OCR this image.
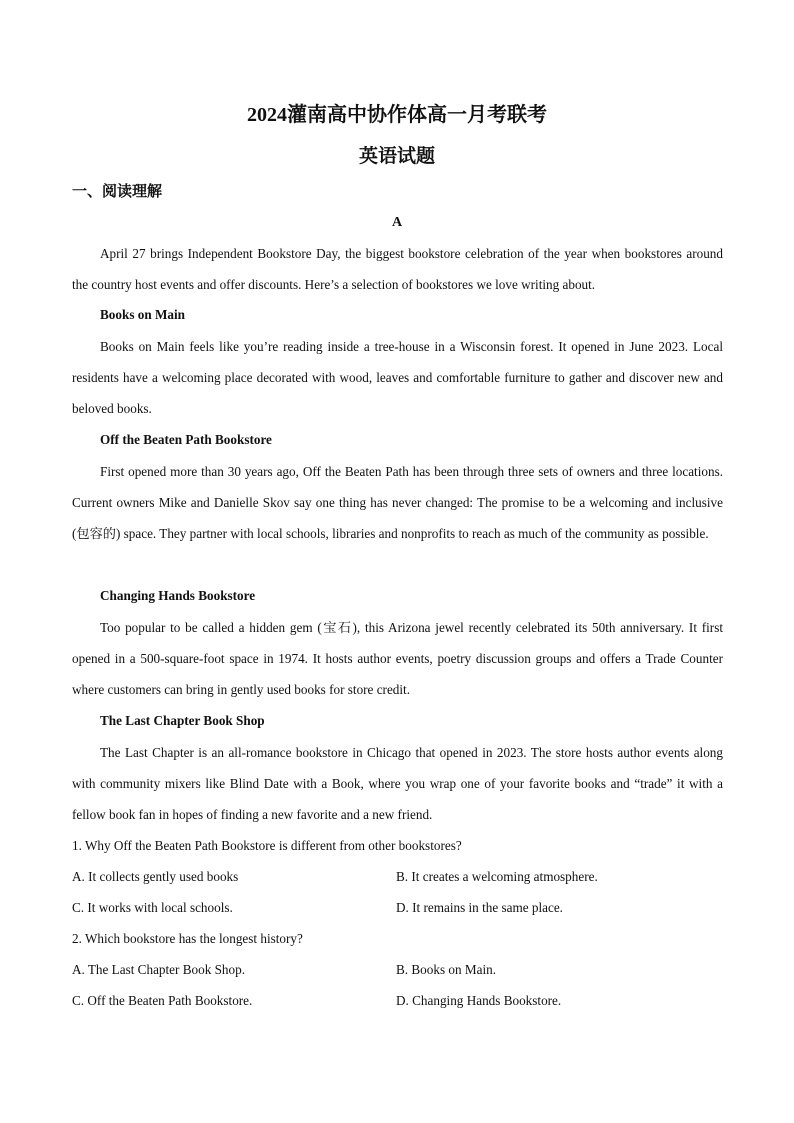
2024灌南高中协作体高一月考联考
英语试题
一、阅读理解
A
April 27 brings Independent Bookstore Day, the biggest bookstore celebration of the year when bookstores around the country host events and offer discounts. Here’s a selection of bookstores we love writing about.
Books on Main
Books on Main feels like you’re reading inside a tree-house in a Wisconsin forest. It opened in June 2023. Local residents have a welcoming place decorated with wood, leaves and comfortable furniture to gather and discover new and beloved books.
Off the Beaten Path Bookstore
First opened more than 30 years ago, Off the Beaten Path has been through three sets of owners and three locations. Current owners Mike and Danielle Skov say one thing has never changed: The promise to be a welcoming and inclusive (包容的) space. They partner with local schools, libraries and nonprofits to reach as much of the community as possible.
Changing Hands Bookstore
Too popular to be called a hidden gem (宝石), this Arizona jewel recently celebrated its 50th anniversary. It first opened in a 500-square-foot space in 1974. It hosts author events, poetry discussion groups and offers a Trade Counter where customers can bring in gently used books for store credit.
The Last Chapter Book Shop
The Last Chapter is an all-romance bookstore in Chicago that opened in 2023. The store hosts author events along with community mixers like Blind Date with a Book, where you wrap one of your favorite books and “trade” it with a fellow book fan in hopes of finding a new favorite and a new friend.
1. Why Off the Beaten Path Bookstore is different from other bookstores?
A. It collects gently used books	B. It creates a welcoming atmosphere.
C. It works with local schools.	D. It remains in the same place.
2. Which bookstore has the longest history?
A. The Last Chapter Book Shop.	B. Books on Main.
C. Off the Beaten Path Bookstore.	D. Changing Hands Bookstore.
